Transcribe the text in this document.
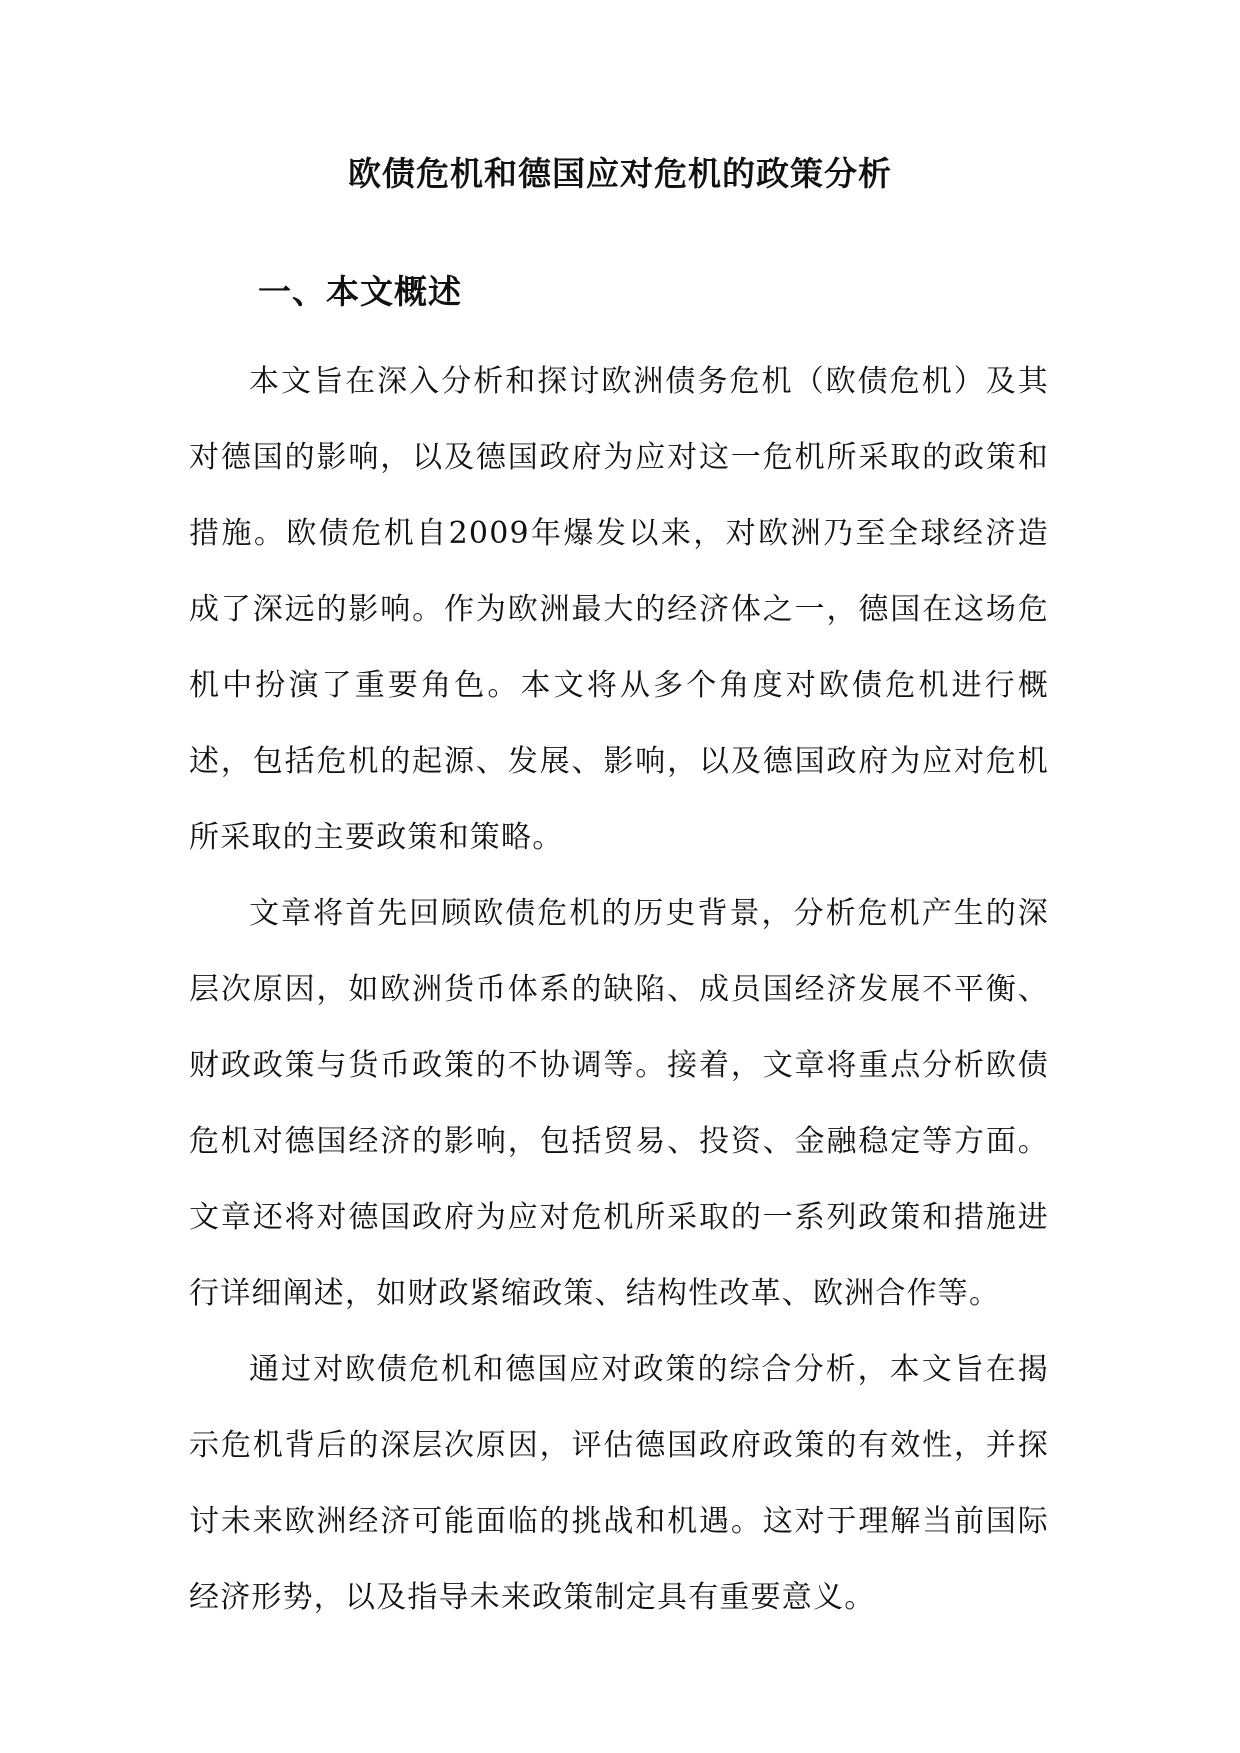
欧债危机和德国应对危机的政策分析
一、本文概述

本文旨在深入分析和探讨欧洲债务危机（欧债危机）及其对德国的影响，以及德国政府为应对这一危机所采取的政策和措施。欧债危机自2009年爆发以来，对欧洲乃至全球经济造成了深远的影响。作为欧洲最大的经济体之一，德国在这场危机中扮演了重要角色。本文将从多个角度对欧债危机进行概述，包括危机的起源、发展、影响，以及德国政府为应对危机所采取的主要政策和策略。

文章将首先回顾欧债危机的历史背景，分析危机产生的深层次原因，如欧洲货币体系的缺陷、成员国经济发展不平衡、财政政策与货币政策的不协调等。接着，文章将重点分析欧债危机对德国经济的影响，包括贸易、投资、金融稳定等方面。文章还将对德国政府为应对危机所采取的一系列政策和措施进行详细阐述，如财政紧缩政策、结构性改革、欧洲合作等。

通过对欧债危机和德国应对政策的综合分析，本文旨在揭示危机背后的深层次原因，评估德国政府政策的有效性，并探讨未来欧洲经济可能面临的挑战和机遇。这对于理解当前国际经济形势，以及指导未来政策制定具有重要意义。
